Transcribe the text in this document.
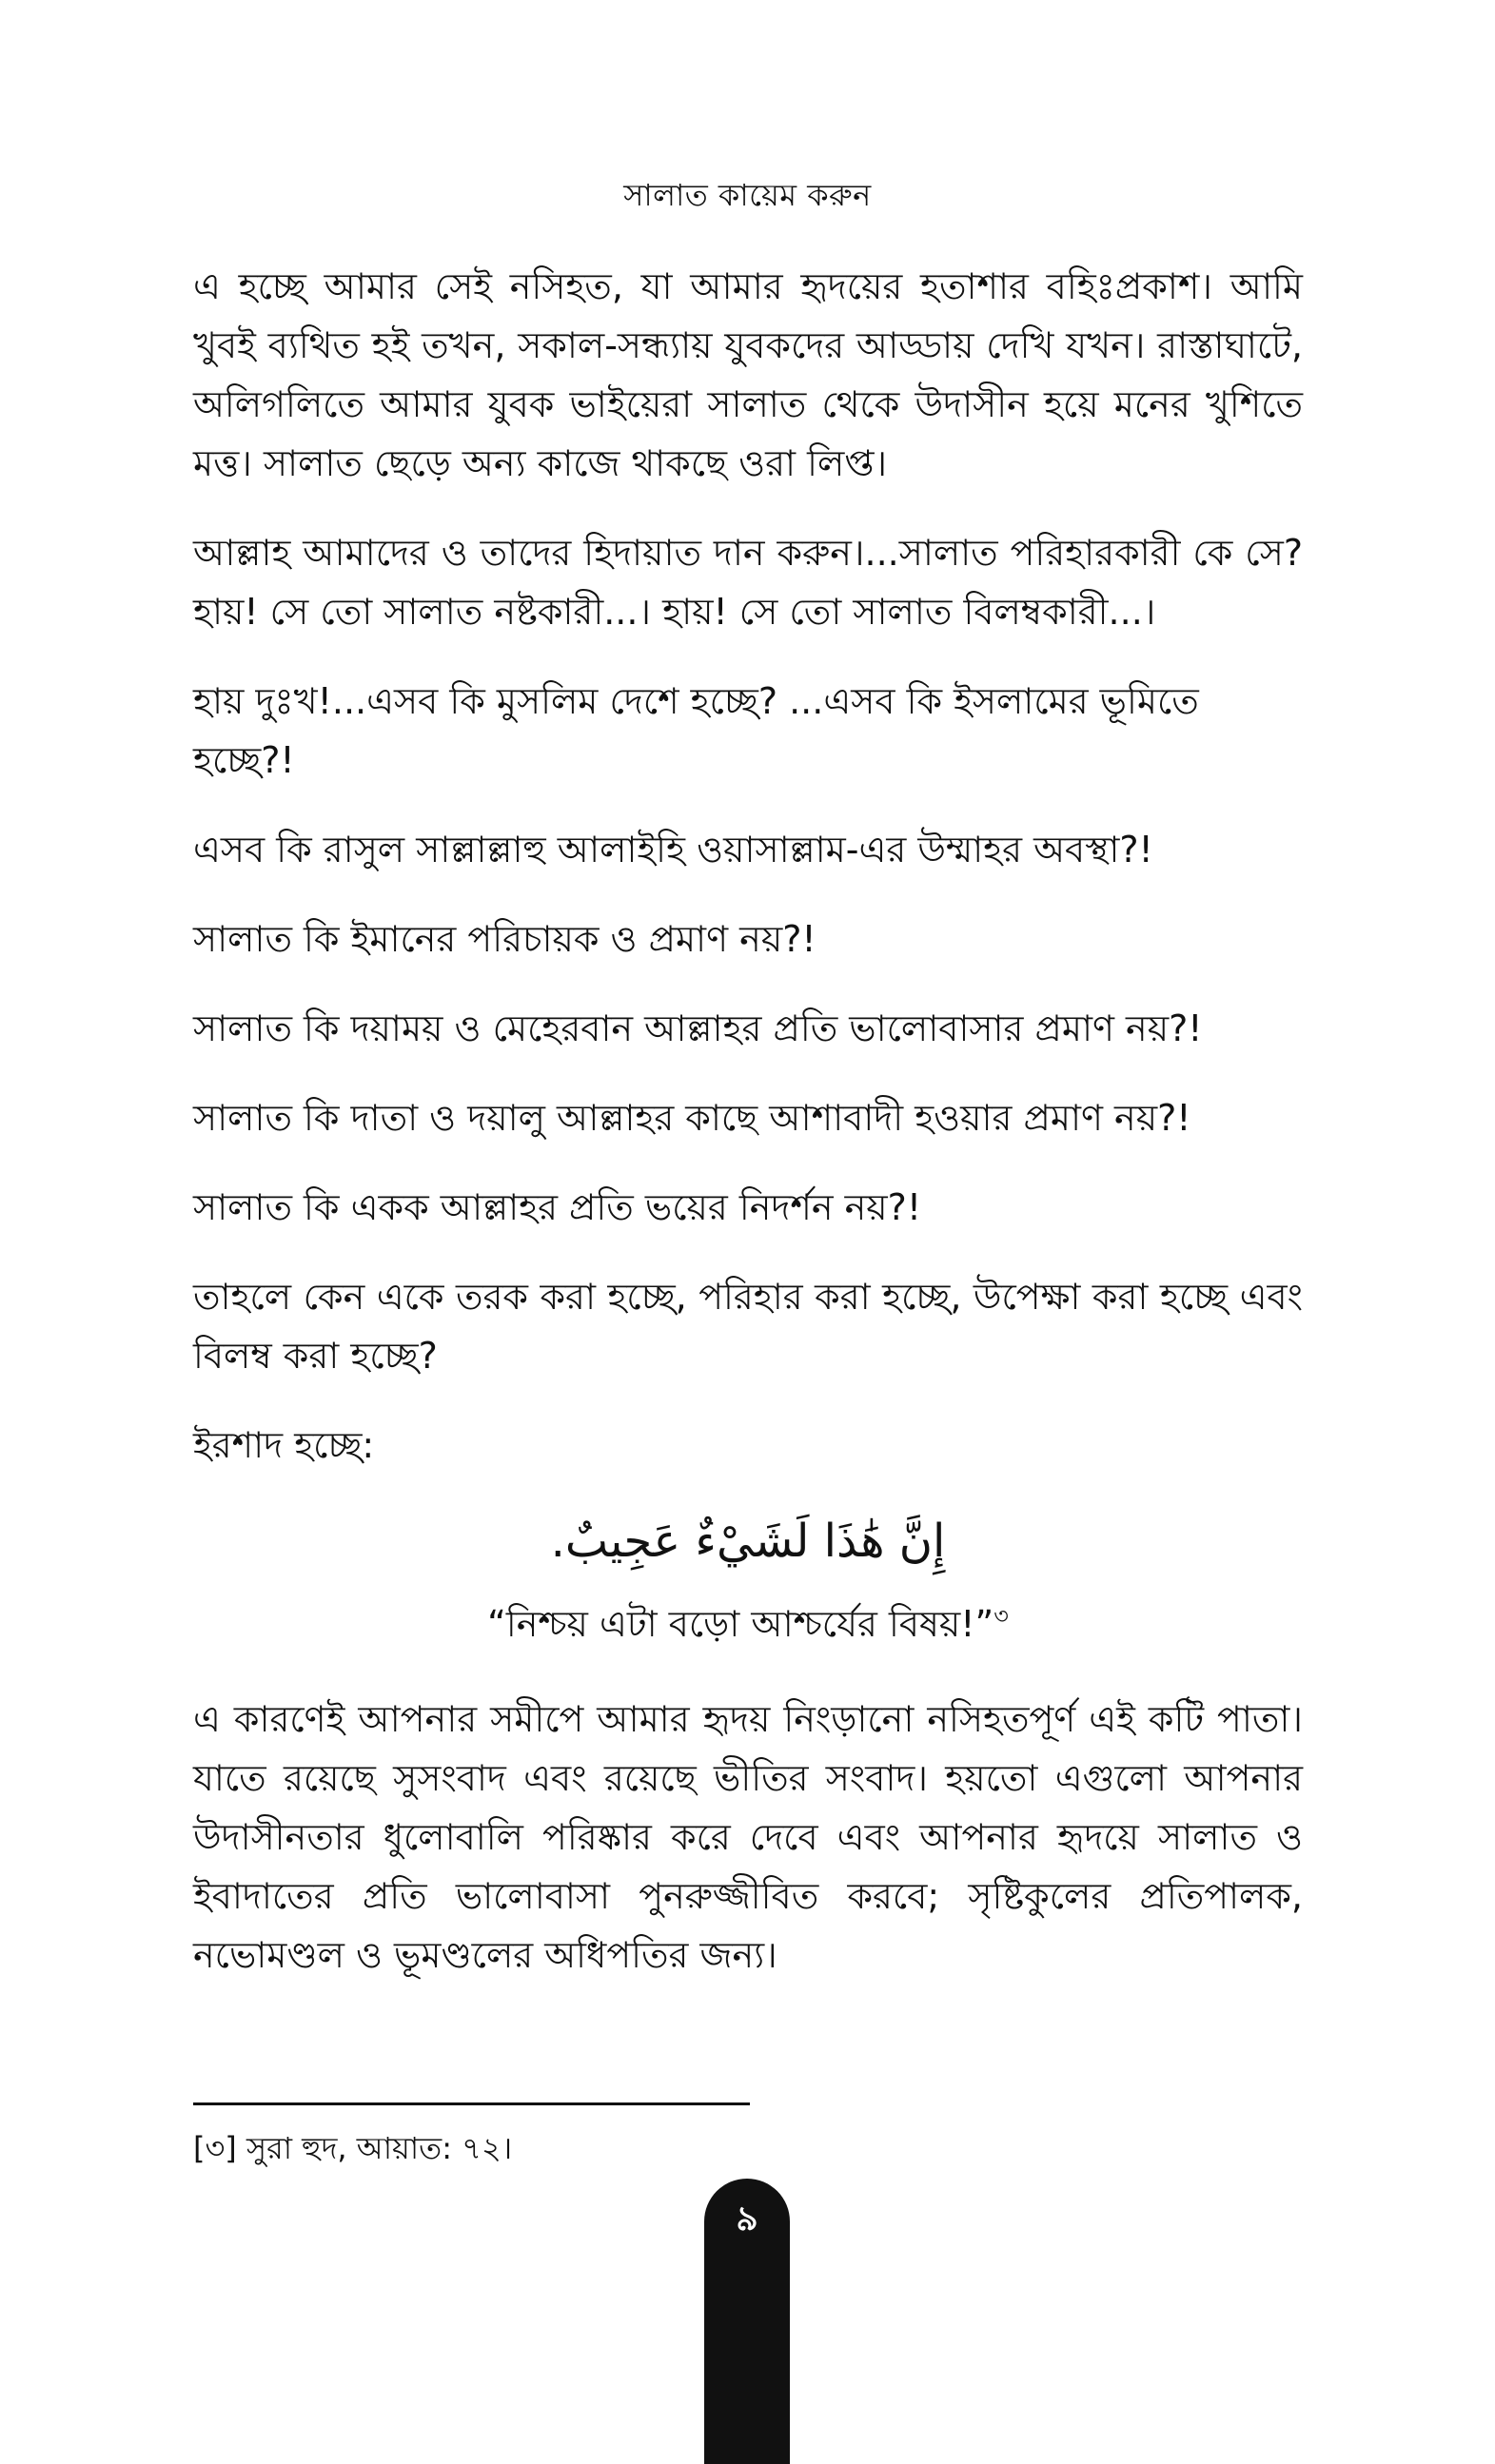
সালাত কায়েম করুন

এ হচ্ছে আমার সেই নসিহত, যা আমার হৃদয়ের হতাশার বহিঃপ্রকাশ। আমি খুবই ব্যথিত হই তখন, সকাল-সন্ধ্যায় যুবকদের আড্ডায় দেখি যখন। রাস্তাঘাটে, অলিগলিতে আমার যুবক ভাইয়েরা সালাত থেকে উদাসীন হয়ে মনের খুশিতে মত্ত। সালাত ছেড়ে অন্য কাজে থাকছে ওরা লিপ্ত।

আল্লাহ আমাদের ও তাদের হিদায়াত দান করুন।...সালাত পরিহারকারী কে সে? হায়! সে তো সালাত নষ্টকারী...। হায়! সে তো সালাত বিলম্বকারী...।

হায় দুঃখ!...এসব কি মুসলিম দেশে হচ্ছে? ...এসব কি ইসলামের ভূমিতে হচ্ছে?!

এসব কি রাসুল সাল্লাল্লাহু আলাইহি ওয়াসাল্লাম-এর উম্মাহর অবস্থা?!

সালাত কি ইমানের পরিচায়ক ও প্রমাণ নয়?!

সালাত কি দয়াময় ও মেহেরবান আল্লাহর প্রতি ভালোবাসার প্রমাণ নয়?!

সালাত কি দাতা ও দয়ালু আল্লাহর কাছে আশাবাদী হওয়ার প্রমাণ নয়?!

সালাত কি একক আল্লাহর প্রতি ভয়ের নিদর্শন নয়?!

তাহলে কেন একে তরক করা হচ্ছে, পরিহার করা হচ্ছে, উপেক্ষা করা হচ্ছে এবং বিলম্ব করা হচ্ছে?

ইরশাদ হচ্ছে:

إِنَّ هَٰذَا لَشَيْءٌ عَجِيبٌ.

“নিশ্চয় এটা বড়ো আশ্চর্যের বিষয়!”$^৩$

এ কারণেই আপনার সমীপে আমার হৃদয় নিংড়ানো নসিহতপূর্ণ এই কটি পাতা। যাতে রয়েছে সুসংবাদ এবং রয়েছে ভীতির সংবাদ। হয়তো এগুলো আপনার উদাসীনতার ধুলোবালি পরিষ্কার করে দেবে এবং আপনার হৃদয়ে সালাত ও ইবাদাতের প্রতি ভালোবাসা পুনরুজ্জীবিত করবে; সৃষ্টিকুলের প্রতিপালক, নভোমণ্ডল ও ভূমণ্ডলের অধিপতির জন্য।

[৩] সুরা হুদ, আয়াত: ৭২।
৯
